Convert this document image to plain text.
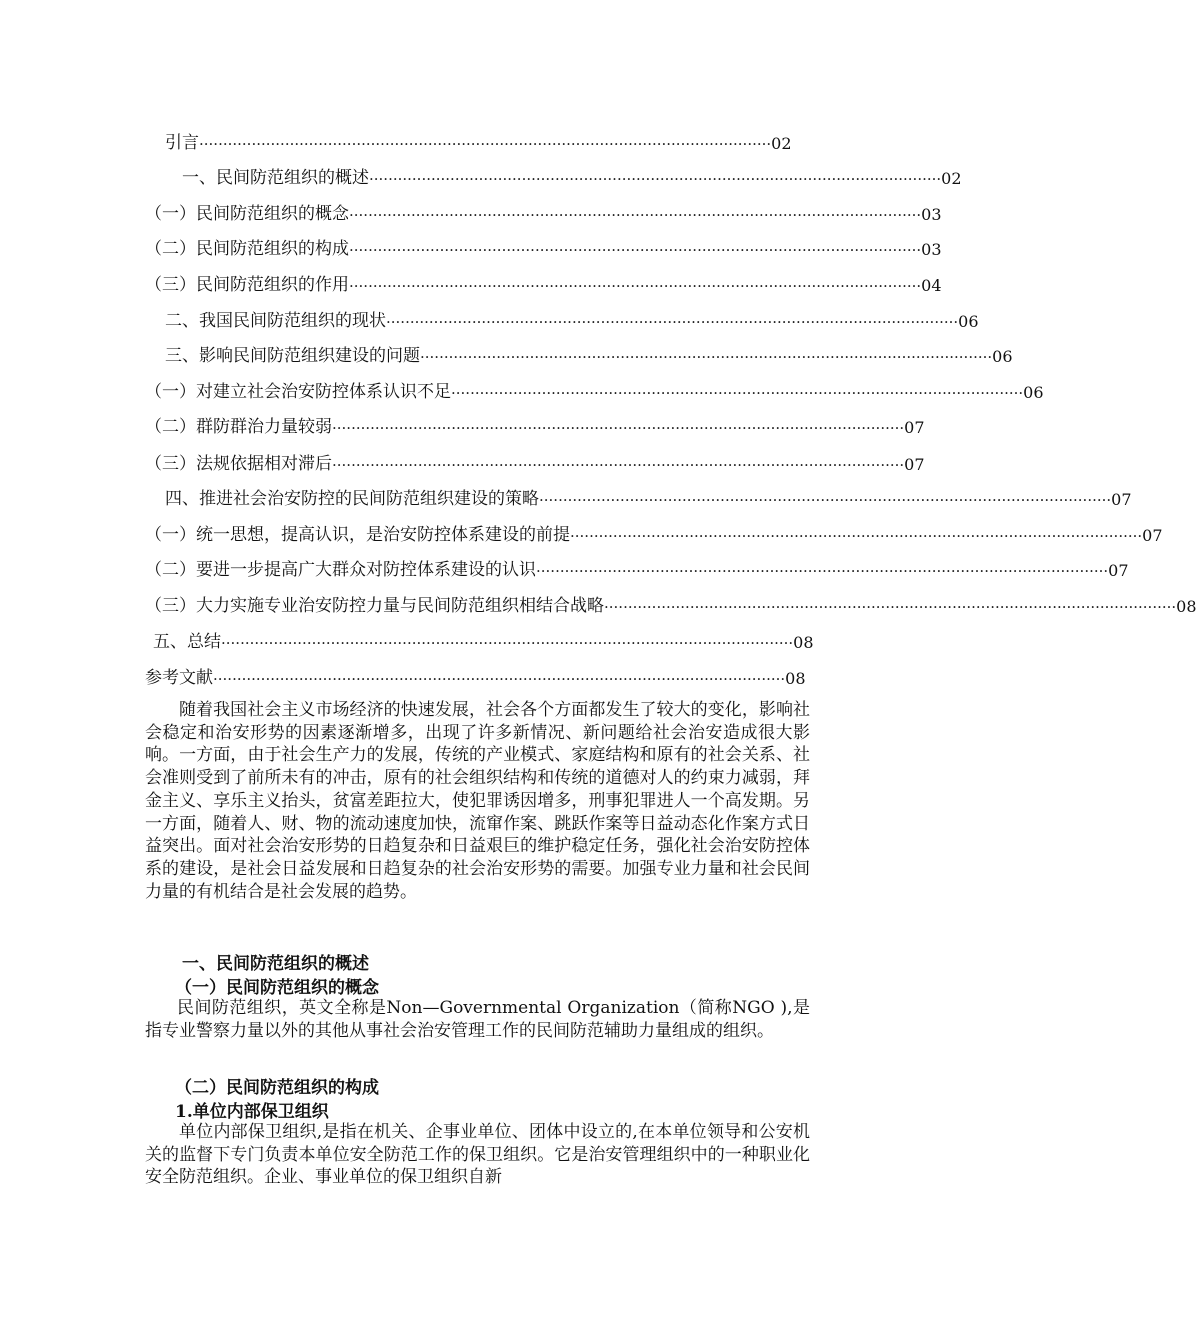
引言 ························································································································ 02
一、民间防范组织的概述 ························································································································ 02
（一）民间防范组织的概念 ························································································································ 03
（二）民间防范组织的构成 ························································································································ 03
（三）民间防范组织的作用 ························································································································ 04
二、我国民间防范组织的现状 ························································································································ 06
三、影响民间防范组织建设的问题 ························································································································ 06
（一）对建立社会治安防控体系认识不足 ························································································································ 06
（二）群防群治力量较弱 ························································································································ 07
（三）法规依据相对滞后 ························································································································ 07
四、推进社会治安防控的民间防范组织建设的策略 ························································································································ 07
（一）统一思想，提高认识，是治安防控体系建设的前提 ························································································································ 07
（二）要进一步提高广大群众对防控体系建设的认识 ························································································································ 07
（三）大力实施专业治安防控力量与民间防范组织相结合战略 ························································································································ 08
五、总结 ························································································································ 08
参考文献 ························································································································ 08
随着我国社会主义市场经济的快速发展，社会各个方面都发生了较大的变化，影响社会稳定和治安形势的因素逐渐增多，出现了许多新情况、新问题给社会治安造成很大影响。一方面，由于社会生产力的发展，传统的产业模式、家庭结构和原有的社会关系、社会准则受到了前所未有的冲击，原有的社会组织结构和传统的道德对人的约束力减弱，拜金主义、享乐主义抬头，贫富差距拉大，使犯罪诱因增多，刑事犯罪进人一个高发期。另一方面，随着人、财、物的流动速度加快，流窜作案、跳跃作案等日益动态化作案方式日益突出。面对社会治安形势的日趋复杂和日益艰巨的维护稳定任务，强化社会治安防控体系的建设，是社会日益发展和日趋复杂的社会治安形势的需要。加强专业力量和社会民间力量的有机结合是社会发展的趋势。
一、民间防范组织的概述
（一）民间防范组织的概念
民间防范组织，英文全称是Non—Governmental Organization（简称NGO ),是指专业警察力量以外的其他从事社会治安管理工作的民间防范辅助力量组成的组织。
（二）民间防范组织的构成
1.单位内部保卫组织
单位内部保卫组织,是指在机关、企事业单位、团体中设立的,在本单位领导和公安机关的监督下专门负责本单位安全防范工作的保卫组织。它是治安管理组织中的一种职业化安全防范组织。企业、事业单位的保卫组织自新
